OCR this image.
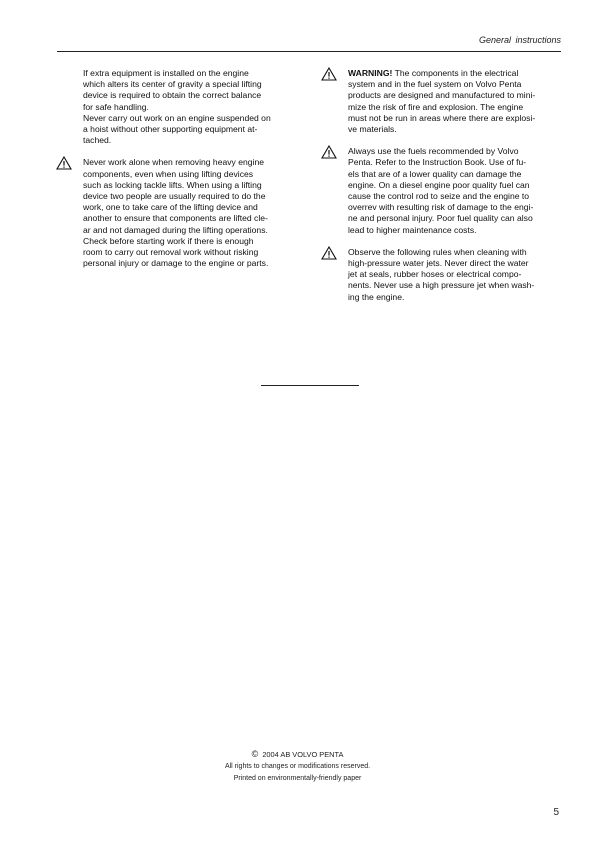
General instructions

If extra equipment is installed on the engine
which alters its center of gravity a special lifting
device is required to obtain the correct balance
for safe handling.
Never carry out work on an engine suspended on
a hoist without other supporting equipment at-
tached.

Never work alone when removing heavy engine
components, even when using lifting devices
such as locking tackle lifts. When using a lifting
device two people are usually required to do the
work, one to take care of the lifting device and
another to ensure that components are lifted cle-
ar and not damaged during the lifting operations.
Check before starting work if there is enough
room to carry out removal work without risking
personal injury or damage to the engine or parts.

WARNING! The components in the electrical
system and in the fuel system on Volvo Penta
products are designed and manufactured to mini-
mize the risk of fire and explosion. The engine
must not be run in areas where there are explosi-
ve materials.

Always use the fuels recommended by Volvo
Penta. Refer to the Instruction Book. Use of fu-
els that are of a lower quality can damage the
engine. On a diesel engine poor quality fuel can
cause the control rod to seize and the engine to
overrev with resulting risk of damage to the engi-
ne and personal injury. Poor fuel quality can also
lead to higher maintenance costs.

Observe the following rules when cleaning with
high-pressure water jets. Never direct the water
jet at seals, rubber hoses or electrical compo-
nents. Never use a high pressure jet when wash-
ing the engine.

© 2004 AB VOLVO PENTA
All rights to changes or modifications reserved.
Printed on environmentally-friendly paper
5
